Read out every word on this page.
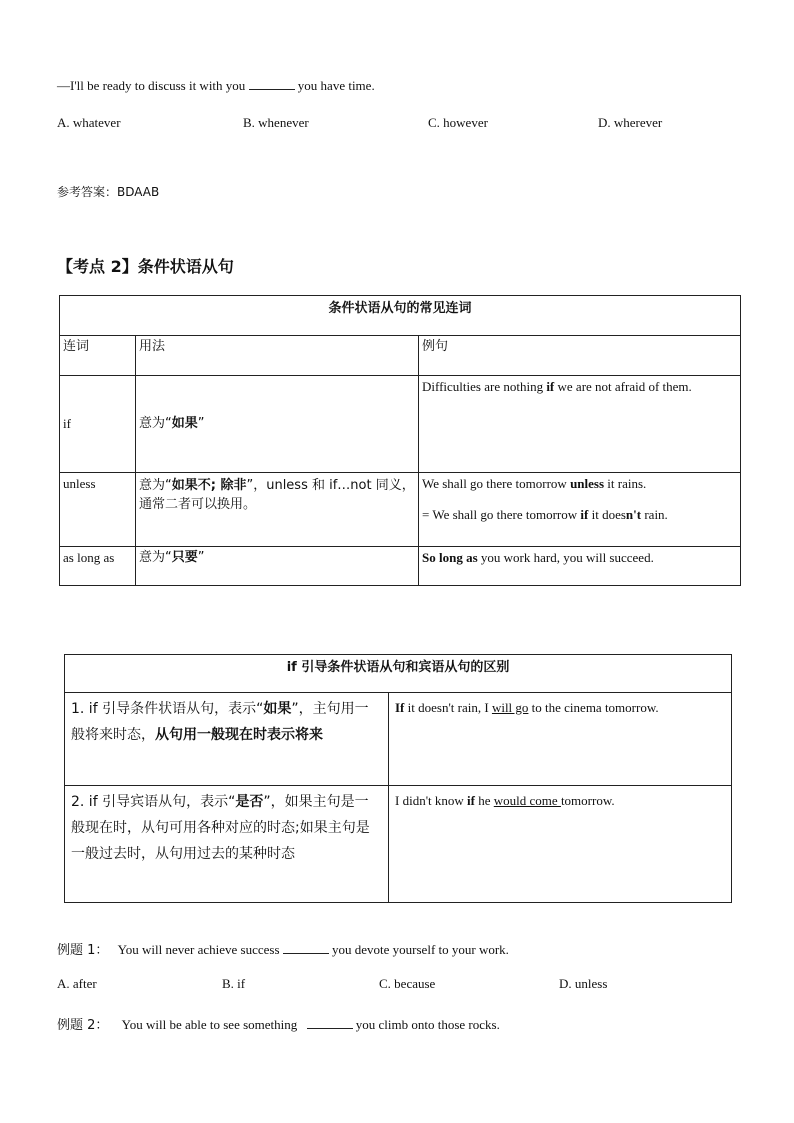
—I'll be ready to discuss it with you	you have time.
A. whatever	B. whenever	C. however	D. wherever
参考答案：BDAAB
【考点 2】条件状语从句
条件状语从句的常见连词		
连词	用法	例句
if	意为“如果”	Difficulties are nothing if we are not afraid of them.
unless	意为“如果不; 除非”，unless 和 if…not 同义，通常二者可以换用。	We shall go there tomorrow unless it rains.
= We shall go there tomorrow if it doesn't rain.

as long as	意为“只要”	So long as you work hard, you will succeed.
if 引导条件状语从句和宾语从句的区别	
1. if 引导条件状语从句，表示“如果”，主句用一般将来时态，从句用一般现在时表示将来	If it doesn't rain, I will go to the cinema tomorrow.
2. if 引导宾语从句，表示“是否”，如果主句是一般现在时，从句可用各种对应的时态;如果主句是一般过去时，从句用过去的某种时态	I didn't know if he would come tomorrow.
例题 1： You will never achieve success	you devote yourself to your work.
A. after	B. if	C. because	D. unless
例题 2： You will be able to see something	you climb onto those rocks.
